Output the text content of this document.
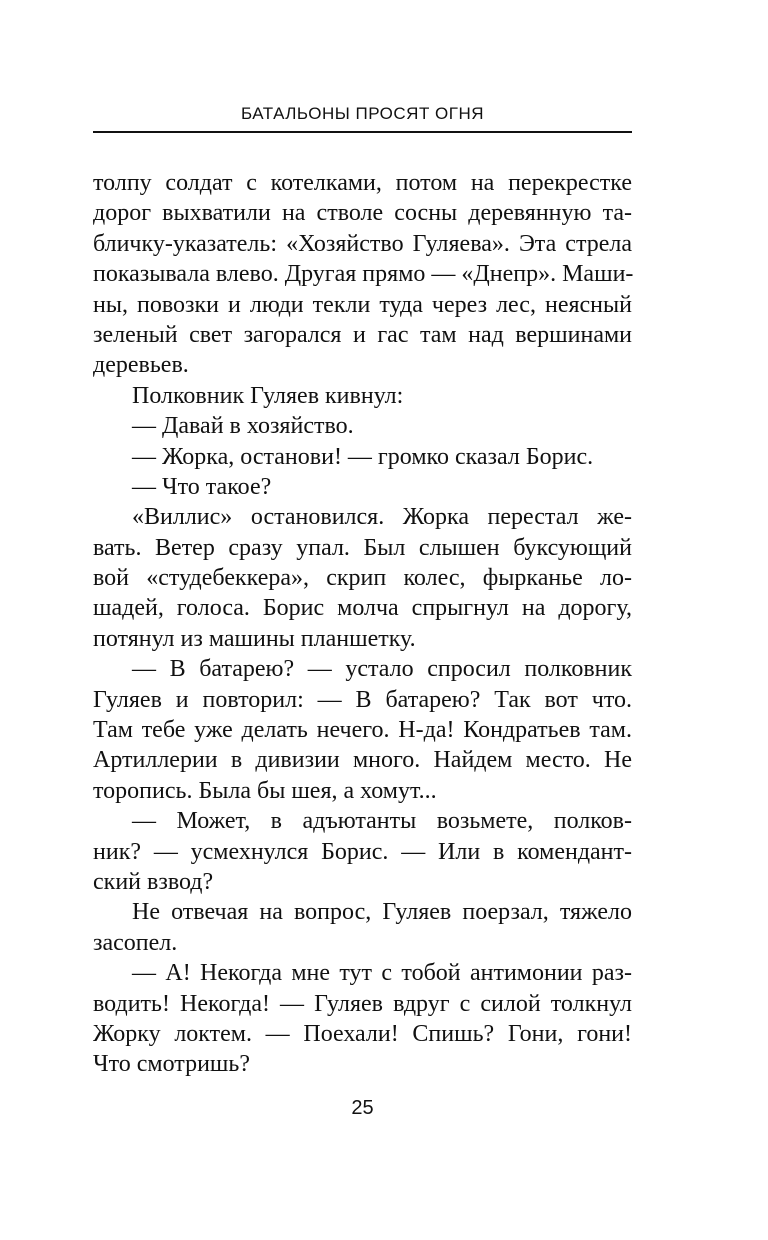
БАТАЛЬОНЫ ПРОСЯТ ОГНЯ
толпу солдат с котелками, потом на перекрестке
дорог выхватили на стволе сосны деревянную та-
бличку-указатель: «Хозяйство Гуляева». Эта стрела
показывала влево. Другая прямо — «Днепр». Маши-
ны, повозки и люди текли туда через лес, неясный
зеленый свет загорался и гас там над вершинами
деревьев.
Полковник Гуляев кивнул:
— Давай в хозяйство.
— Жорка, останови! — громко сказал Борис.
— Что такое?
«Виллис» остановился. Жорка перестал же-
вать. Ветер сразу упал. Был слышен буксующий
вой «студебеккера», скрип колес, фырканье ло-
шадей, голоса. Борис молча спрыгнул на дорогу,
потянул из машины планшетку.
— В батарею? — устало спросил полковник
Гуляев и повторил: — В батарею? Так вот что.
Там тебе уже делать нечего. Н-да! Кондратьев там.
Артиллерии в дивизии много. Найдем место. Не
торопись. Была бы шея, а хомут...
— Может, в адъютанты возьмете, полков-
ник? — усмехнулся Борис. — Или в комендант-
ский взвод?
Не отвечая на вопрос, Гуляев поерзал, тяжело
засопел.
— А! Некогда мне тут с тобой антимонии раз-
водить! Некогда! — Гуляев вдруг с силой толкнул
Жорку локтем. — Поехали! Спишь? Гони, гони!
Что смотришь?
25
